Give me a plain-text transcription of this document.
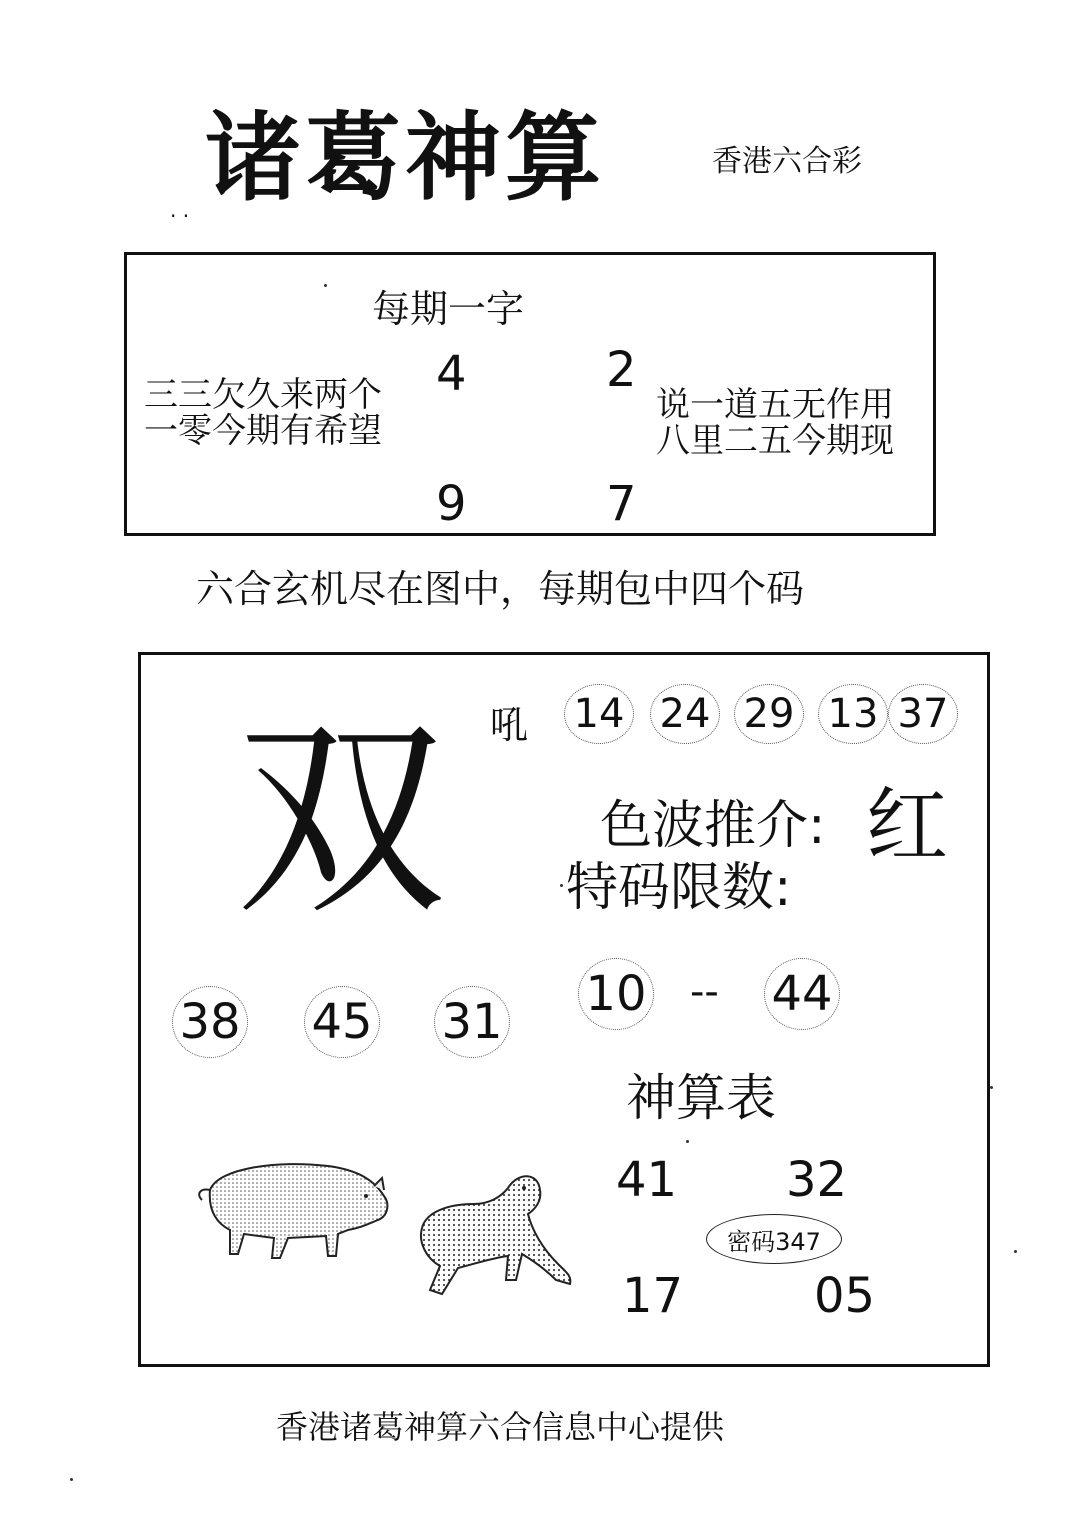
诸葛神算	香港六合彩
. .
每期一字
4	2
9	7
三三欠久来两个
一零今期有希望
说一道五无作用
八里二五今期现
六合玄机尽在图中，每期包中四个码
吼 14 24 29 13 37
双	色波推介: 红
特码限数:
38 45 31 10 -- 44
神算表
41 32
17	05
密码347
香港诸葛神算六合信息中心提供
